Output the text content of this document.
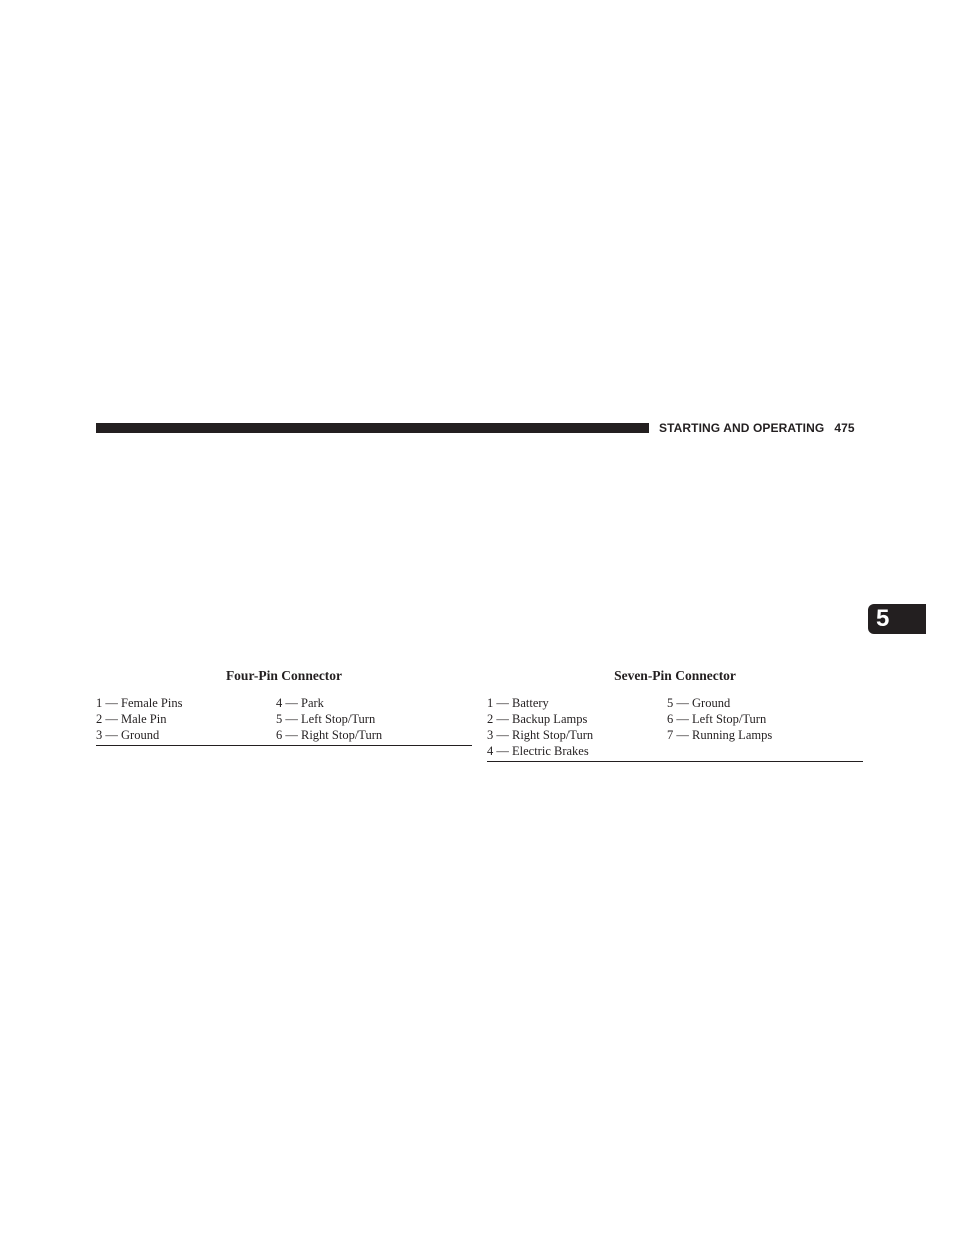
STARTING AND OPERATING 475
5
Four-Pin Connector
1 — Female Pins
2 — Male Pin
3 — Ground
4 — Park
5 — Left Stop/Turn
6 — Right Stop/Turn
Seven-Pin Connector
1 — Battery
2 — Backup Lamps
3 — Right Stop/Turn
4 — Electric Brakes
5 — Ground
6 — Left Stop/Turn
7 — Running Lamps
